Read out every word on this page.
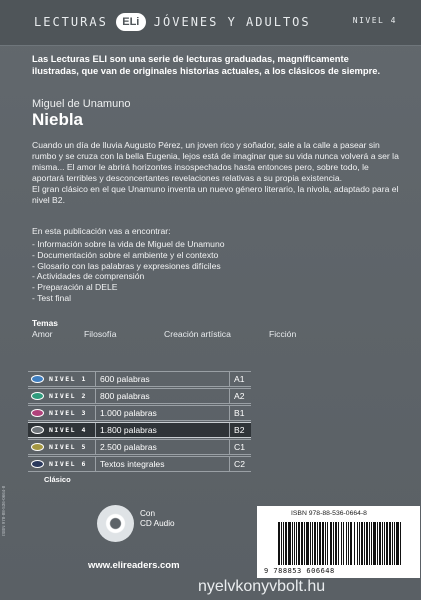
LECTURAS	ELi	JÓVENES Y ADULTOS	NIVEL 4
Las Lecturas ELI son una serie de lecturas graduadas, magníficamente ilustradas, que van de originales historias actuales, a los clásicos de siempre.
Miguel de Unamuno
Niebla

Cuando un día de lluvia Augusto Pérez, un joven rico y soñador, sale a la calle a pasear sin rumbo y se cruza con la bella Eugenia, lejos está de imaginar que su vida nunca volverá a ser la misma... El amor le abrirá horizontes insospechados hasta entonces pero, sobre todo, le aportará terribles y desconcertantes revelaciones relativas a su propia existencia.

El gran clásico en el que Unamuno inventa un nuevo género literario, la nivola, adaptado para el nivel B2.

En esta publicación vas a encontrar:
- Información sobre la vida de Miguel de Unamuno
- Documentación sobre el ambiente y el contexto
- Glosario con las palabras y expresiones difíciles
- Actividades de comprensión
- Preparación al DELE
- Test final
Temas
Amor	Filosofía	Creación artística	Ficción
NIVEL 1 600 palabras	A1
NIVEL 2 800 palabras	A2
NIVEL 3 1.000 palabras	B1
NIVEL 4 1.800 palabras	B2
NIVEL 5 2.500 palabras	C1
NIVEL 6 Textos integrales	C2
Clásico
Con
CD Audio
www.elireaders.com

ISBN 978-88-536-0664-8	ISBN 978-88-536-0664-8
9 788853 606648
nyelvkonyvbolt.hu
